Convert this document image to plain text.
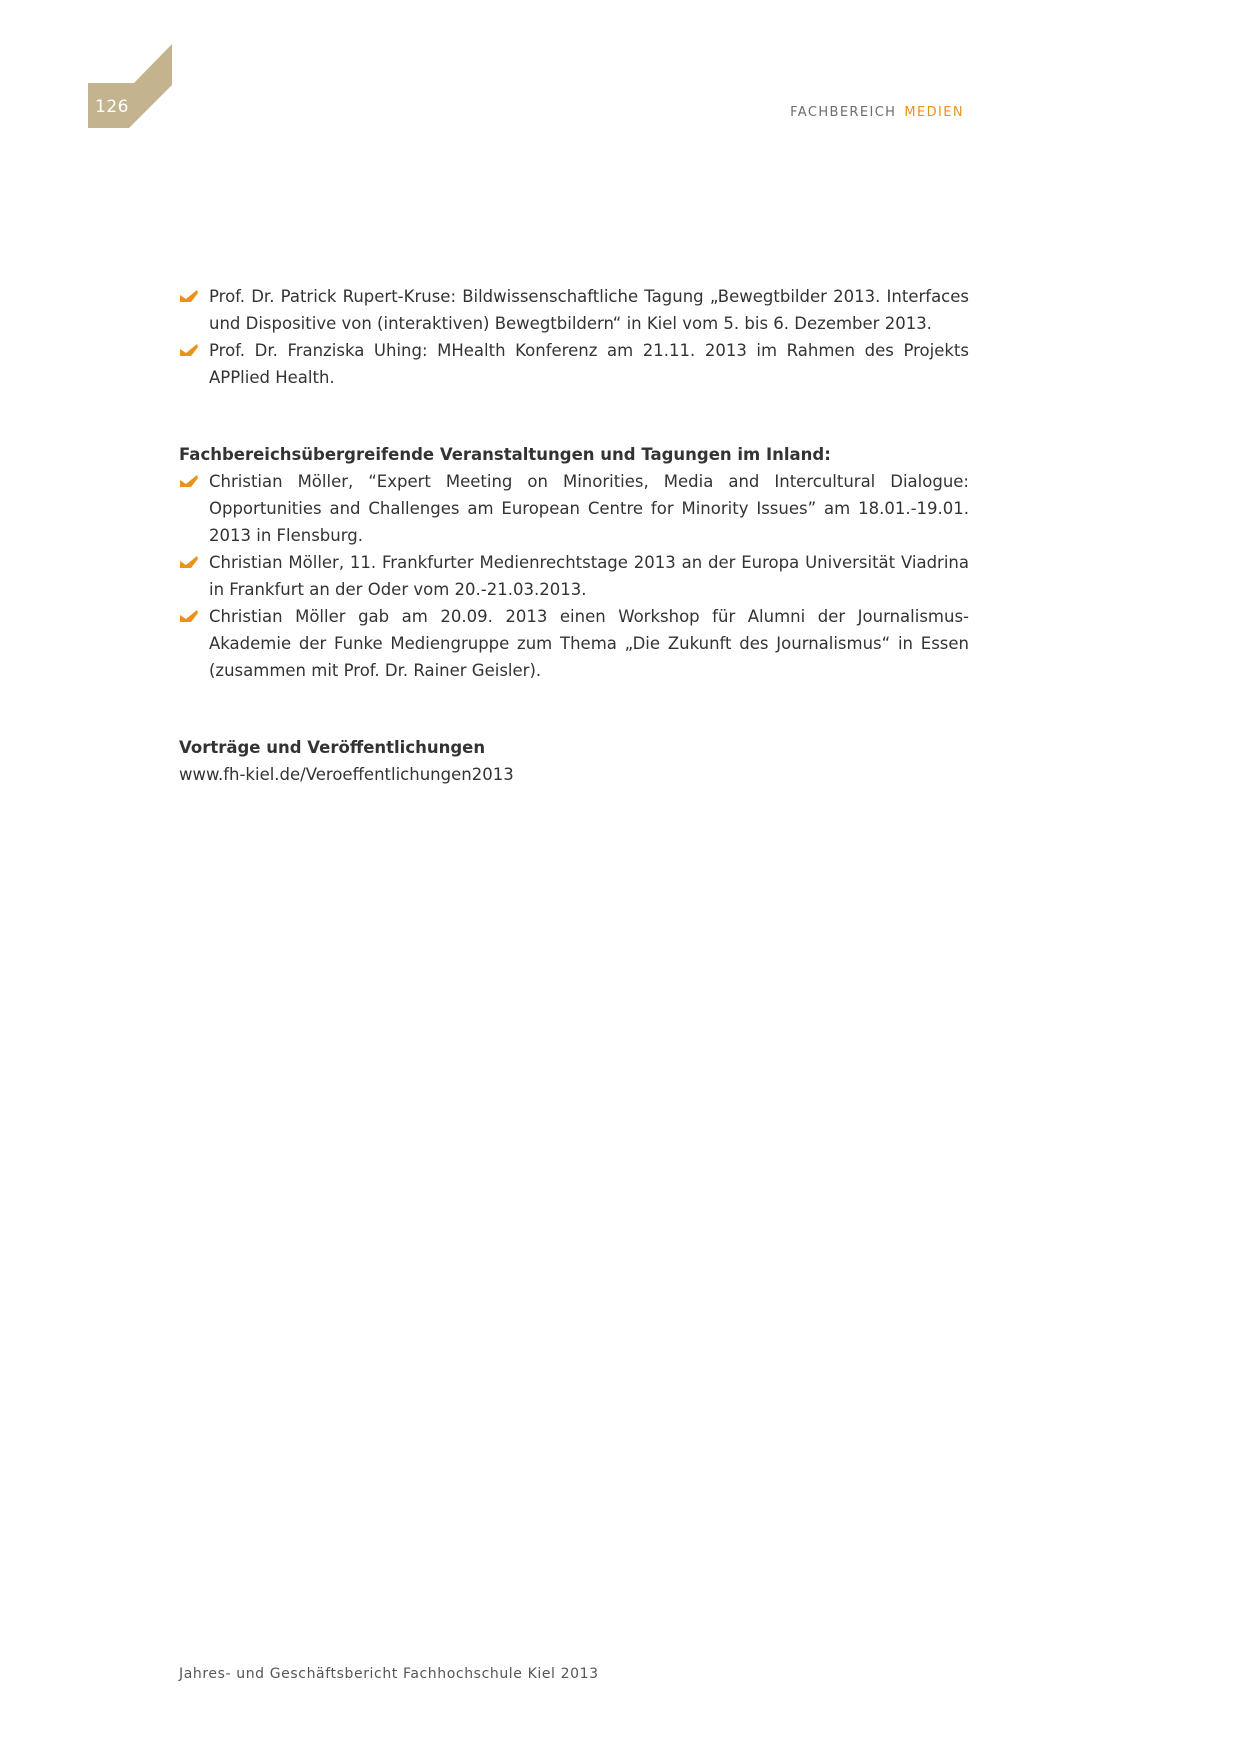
126	FACHBEREICH MEDIEN

Prof. Dr. Patrick Rupert-Kruse: Bildwissenschaftliche Tagung „Bewegtbilder 2013. Interfaces und Dispositive von (interaktiven) Bewegtbildern“ in Kiel vom 5. bis 6. Dezember 2013.

Prof. Dr. Franziska Uhing: MHealth Konferenz am 21.11. 2013 im Rahmen des Projekts APPlied Health.

Fachbereichsübergreifende Veranstaltungen und Tagungen im Inland:

Christian Möller, “Expert Meeting on Minorities, Media and Intercultural Dialogue: Opportunities and Challenges am European Centre for Minority Issues” am 18.01.-19.01. 2013 in Flensburg.

Christian Möller, 11. Frankfurter Medienrechtstage 2013 an der Europa Universität Viadrina in Frankfurt an der Oder vom 20.-21.03.2013.

Christian Möller gab am 20.09. 2013 einen Workshop für Alumni der Journalismus-Akademie der Funke Mediengruppe zum Thema „Die Zukunft des Journalismus“ in Essen (zusammen mit Prof. Dr. Rainer Geisler).

Vorträge und Veröffentlichungen

www.fh-kiel.de/Veroeffentlichungen2013

Jahres- und Geschäftsbericht Fachhochschule Kiel 2013
